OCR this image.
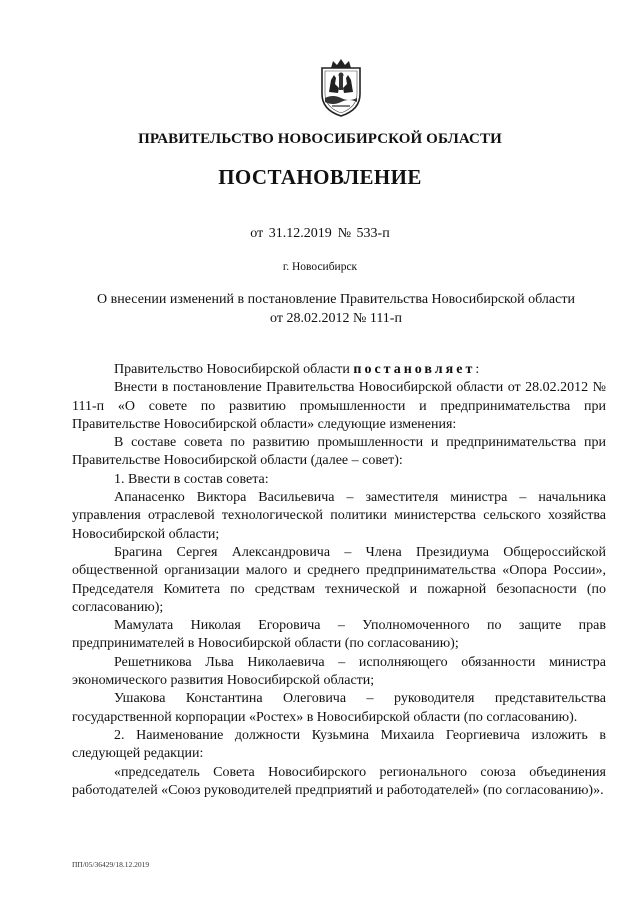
ПРАВИТЕЛЬСТВО НОВОСИБИРСКОЙ ОБЛАСТИ
ПОСТАНОВЛЕНИЕ
от 31.12.2019 № 533-п
г. Новосибирск
О внесении изменений в постановление Правительства Новосибирской области
от 28.02.2012 № 111-п

Правительство Новосибирской области постановляет:

Внести в постановление Правительства Новосибирской области от 28.02.2012 № 111-п «О совете по развитию промышленности и предпринимательства при Правительстве Новосибирской области» следующие изменения:

В составе совета по развитию промышленности и предпринимательства при Правительстве Новосибирской области (далее – совет):

1. Ввести в состав совета:

Апанасенко Виктора Васильевича – заместителя министра – начальника управления отраслевой технологической политики министерства сельского хозяйства Новосибирской области;

Брагина Сергея Александровича – Члена Президиума Общероссийской общественной организации малого и среднего предпринимательства «Опора России», Председателя Комитета по средствам технической и пожарной безопасности (по согласованию);

Мамулата Николая Егоровича – Уполномоченного по защите прав предпринимателей в Новосибирской области (по согласованию);

Решетникова Льва Николаевича – исполняющего обязанности министра экономического развития Новосибирской области;

Ушакова Константина Олеговича – руководителя представительства государственной корпорации «Ростех» в Новосибирской области (по согласованию).

2. Наименование должности Кузьмина Михаила Георгиевича изложить в следующей редакции:

«председатель Совета Новосибирского регионального союза объединения работодателей «Союз руководителей предприятий и работодателей» (по согласованию)».

ПП/05/36429/18.12.2019
